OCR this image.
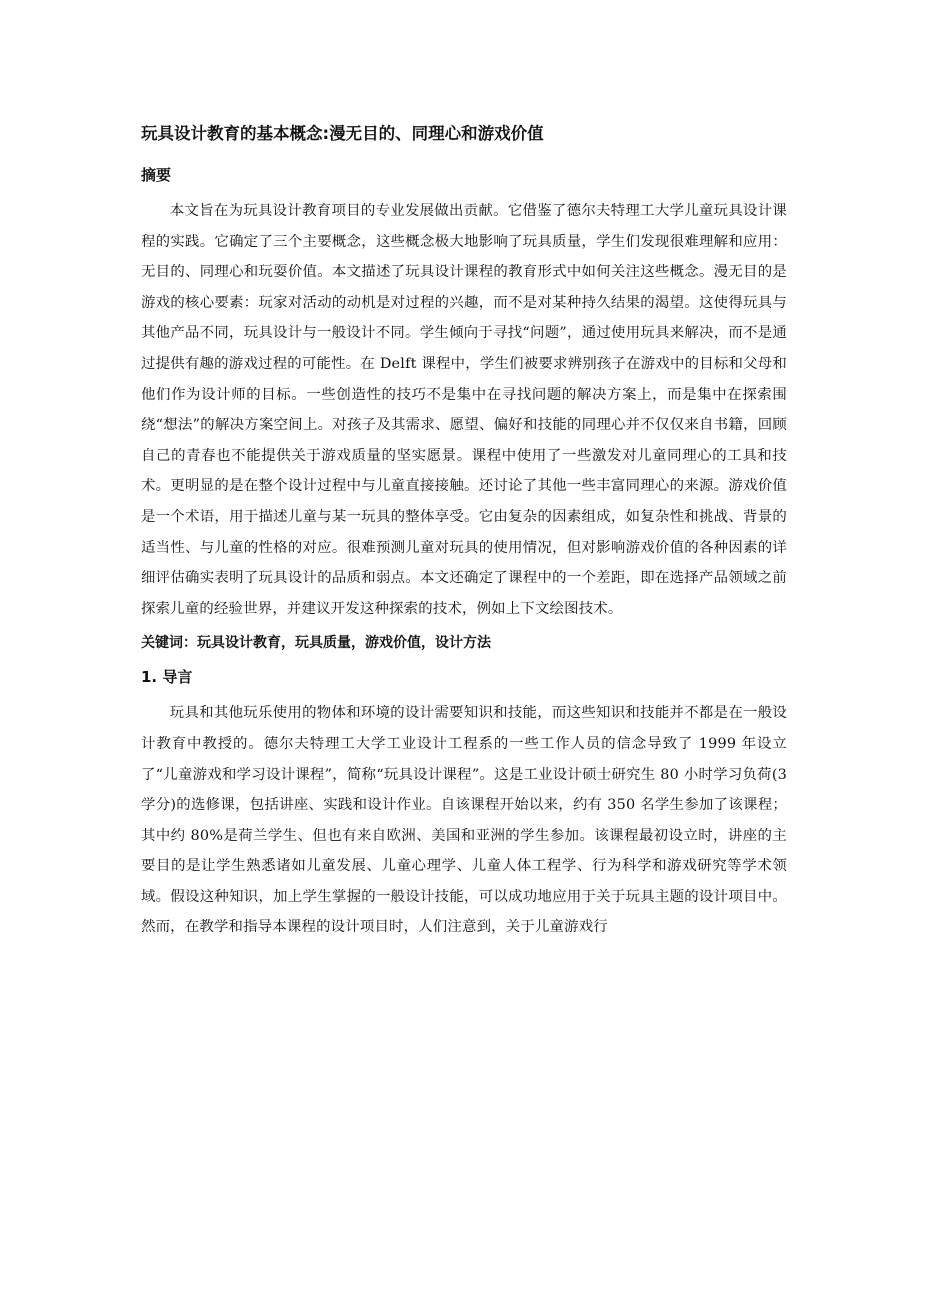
玩具设计教育的基本概念:漫无目的、同理心和游戏价值
摘要

本文旨在为玩具设计教育项目的专业发展做出贡献。它借鉴了德尔夫特理工大学儿童玩具设计课程的实践。它确定了三个主要概念，这些概念极大地影响了玩具质量，学生们发现很难理解和应用：无目的、同理心和玩耍价值。本文描述了玩具设计课程的教育形式中如何关注这些概念。漫无目的是游戏的核心要素：玩家对活动的动机是对过程的兴趣，而不是对某种持久结果的渴望。这使得玩具与其他产品不同，玩具设计与一般设计不同。学生倾向于寻找“问题”，通过使用玩具来解决，而不是通过提供有趣的游戏过程的可能性。在 Delft 课程中，学生们被要求辨别孩子在游戏中的目标和父母和他们作为设计师的目标。一些创造性的技巧不是集中在寻找问题的解决方案上，而是集中在探索围绕“想法”的解决方案空间上。对孩子及其需求、愿望、偏好和技能的同理心并不仅仅来自书籍，回顾自己的青春也不能提供关于游戏质量的坚实愿景。课程中使用了一些激发对儿童同理心的工具和技术。更明显的是在整个设计过程中与儿童直接接触。还讨论了其他一些丰富同理心的来源。游戏价值是一个术语，用于描述儿童与某一玩具的整体享受。它由复杂的因素组成，如复杂性和挑战、背景的适当性、与儿童的性格的对应。很难预测儿童对玩具的使用情况，但对影响游戏价值的各种因素的详细评估确实表明了玩具设计的品质和弱点。本文还确定了课程中的一个差距，即在选择产品领域之前探索儿童的经验世界，并建议开发这种探索的技术，例如上下文绘图技术。

关键词：玩具设计教育，玩具质量，游戏价值，设计方法

1. 导言

玩具和其他玩乐使用的物体和环境的设计需要知识和技能，而这些知识和技能并不都是在一般设计教育中教授的。德尔夫特理工大学工业设计工程系的一些工作人员的信念导致了 1999 年设立了“儿童游戏和学习设计课程”，简称“玩具设计课程”。这是工业设计硕士研究生 80 小时学习负荷(3 学分)的选修课，包括讲座、实践和设计作业。自该课程开始以来，约有 350 名学生参加了该课程；其中约 80%是荷兰学生、但也有来自欧洲、美国和亚洲的学生参加。该课程最初设立时，讲座的主要目的是让学生熟悉诸如儿童发展、儿童心理学、儿童人体工程学、行为科学和游戏研究等学术领域。假设这种知识，加上学生掌握的一般设计技能，可以成功地应用于关于玩具主题的设计项目中。然而，在教学和指导本课程的设计项目时，人们注意到，关于儿童游戏行
